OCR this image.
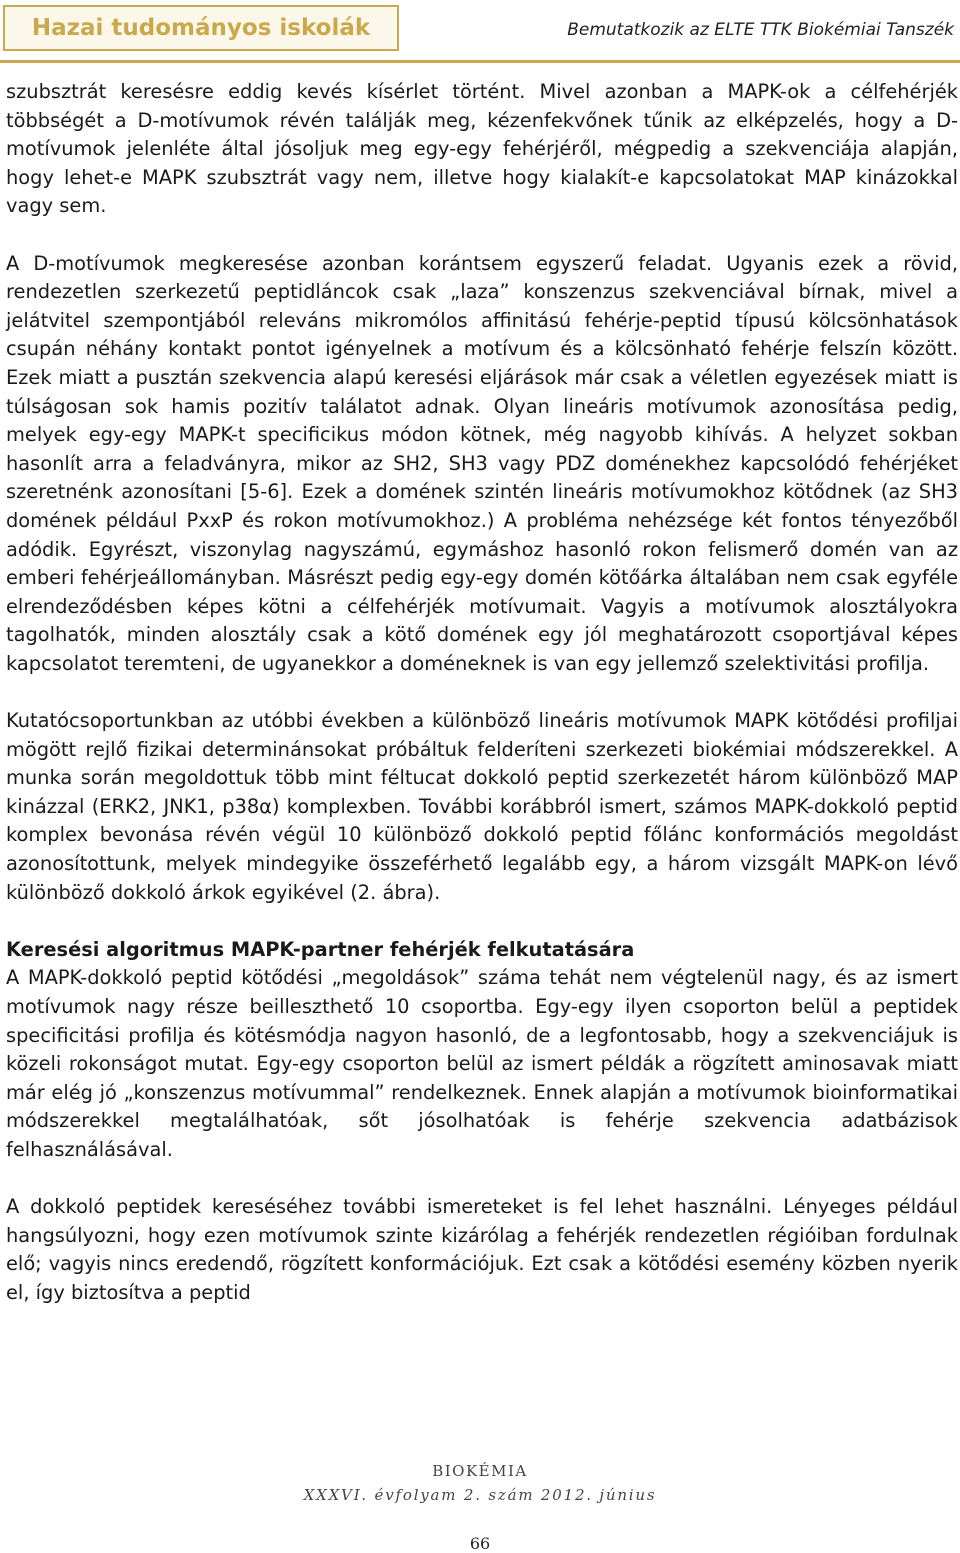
Hazai tudományos iskolák	Bemutatkozik az ELTE TTK Biokémiai Tanszék

szubsztrát keresésre eddig kevés kísérlet történt. Mivel azonban a MAPK-ok a célfehérjék többségét a D-motívumok révén találják meg, kézenfekvőnek tűnik az elképzelés, hogy a D-motívumok jelenléte által jósoljuk meg egy-egy fehérjéről, mégpedig a szekvenciája alapján, hogy lehet-e MAPK szubsztrát vagy nem, illetve hogy kialakít-e kapcsolatokat MAP kinázokkal vagy sem.

A D-motívumok megkeresése azonban korántsem egyszerű feladat. Ugyanis ezek a rövid, rendezetlen szerkezetű peptidláncok csak „laza” konszenzus szekvenciával bírnak, mivel a jelátvitel szempontjából releváns mikromólos affinitású fehérje-peptid típusú kölcsönhatások csupán néhány kontakt pontot igényelnek a motívum és a kölcsönható fehérje felszín között. Ezek miatt a pusztán szekvencia alapú keresési eljárások már csak a véletlen egyezések miatt is túlságosan sok hamis pozitív találatot adnak. Olyan lineáris motívumok azonosítása pedig, melyek egy-egy MAPK-t specificikus módon kötnek, még nagyobb kihívás. A helyzet sokban hasonlít arra a feladványra, mikor az SH2, SH3 vagy PDZ doménekhez kapcsolódó fehérjéket szeretnénk azonosítani [5-6]. Ezek a domének szintén lineáris motívumokhoz kötődnek (az SH3 domének például PxxP és rokon motívumokhoz.) A probléma nehézsége két fontos tényezőből adódik. Egyrészt, viszonylag nagyszámú, egymáshoz hasonló rokon felismerő domén van az emberi fehérjeállományban. Másrészt pedig egy-egy domén kötőárka általában nem csak egyféle elrendeződésben képes kötni a célfehérjék motívumait. Vagyis a motívumok alosztályokra tagolhatók, minden alosztály csak a kötő domének egy jól meghatározott csoportjával képes kapcsolatot teremteni, de ugyanekkor a doméneknek is van egy jellemző szelektivitási profilja.

Kutatócsoportunkban az utóbbi években a különböző lineáris motívumok MAPK kötődési profiljai mögött rejlő fizikai determinánsokat próbáltuk felderíteni szerkezeti biokémiai módszerekkel. A munka során megoldottuk több mint féltucat dokkoló peptid szerkezetét három különböző MAP kinázzal (ERK2, JNK1, p38α) komplexben. További korábbról ismert, számos MAPK-dokkoló peptid komplex bevonása révén végül 10 különböző dokkoló peptid főlánc konformációs megoldást azonosítottunk, melyek mindegyike összeférhető legalább egy, a három vizsgált MAPK-on lévő különböző dokkoló árkok egyikével (2. ábra).

Keresési algoritmus MAPK-partner fehérjék felkutatására

A MAPK-dokkoló peptid kötődési „megoldások” száma tehát nem végtelenül nagy, és az ismert motívumok nagy része beilleszthető 10 csoportba. Egy-egy ilyen csoporton belül a peptidek specificitási profilja és kötésmódja nagyon hasonló, de a legfontosabb, hogy a szekvenciájuk is közeli rokonságot mutat. Egy-egy csoporton belül az ismert példák a rögzített aminosavak miatt már elég jó „konszenzus motívummal” rendelkeznek. Ennek alapján a motívumok bioinformatikai módszerekkel megtalálhatóak, sőt jósolhatóak is fehérje szekvencia adatbázisok felhasználásával.

A dokkoló peptidek kereséséhez további ismereteket is fel lehet használni. Lényeges például hangsúlyozni, hogy ezen motívumok szinte kizárólag a fehérjék rendezetlen régióiban fordulnak elő; vagyis nincs eredendő, rögzített konformációjuk. Ezt csak a kötődési esemény közben nyerik el, így biztosítva a peptid

BIOKÉMIA
XXXVI. évfolyam 2. szám 2012. június
66
